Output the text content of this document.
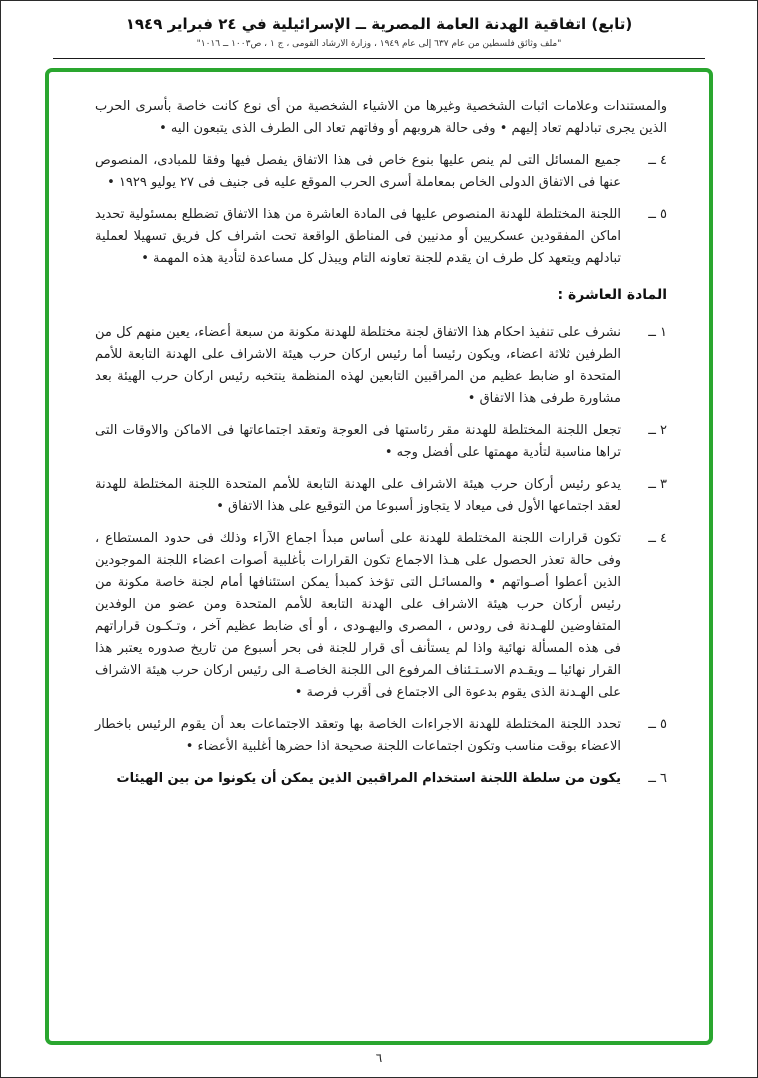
(تابع) اتفاقية الهدنة العامة المصرية ــ الإسرائيلية في ٢٤ فبراير ١٩٤٩
"ملف وثائق فلسطين من عام ٦٣٧ إلى عام ١٩٤٩ ، وزارة الارشاد القومى ، ج ١ ، ص١٠٠٣ ــ ١٠١٦"

والمستندات وعلامات اثبات الشخصية وغيرها من الاشياء الشخصية من أى نوع كانت خاصة بأسرى الحرب الذين يجرى تبادلهم تعاد إليهم • وفى حالة هروبهم أو وفاتهم تعاد الى الطرف الذى يتبعون اليه •

٤ ــ
جميع المسائل التى لم ينص عليها بنوع خاص فى هذا الاتفاق يفصل فيها وفقا للمبادى، المنصوص عنها فى الاتفاق الدولى الخاص بمعاملة أسرى الحرب الموقع عليه فى جنيف فى ٢٧ يوليو ١٩٢٩ •
٥ ــ
اللجنة المختلطة للهدنة المنصوص عليها فى المادة العاشرة من هذا الاتفاق تضطلع بمسئولية تحديد اماكن المفقودين عسكريين أو مدنيين فى المناطق الواقعة تحت اشراف كل فريق تسهيلا لعملية تبادلهم ويتعهد كل طرف ان يقدم للجنة تعاونه التام ويبذل كل مساعدة لتأدية هذه المهمة •
المادة العاشرة :
١ ــ
نشرف على تنفيذ احكام هذا الاتفاق لجنة مختلطة للهدنة مكونة من سبعة أعضاء، يعين منهم كل من الطرفين ثلاثة اعضاء، ويكون رئيسا أما رئيس اركان حرب هيئة الاشراف على الهدنة التابعة للأمم المتحدة او ضابط عظيم من المراقبين التابعين لهذه المنظمة ينتخبه رئيس اركان حرب الهيئة بعد مشاورة طرفى هذا الاتفاق •
٢ ــ
تجعل اللجنة المختلطة للهدنة مقر رئاستها فى العوجة وتعقد اجتماعاتها فى الاماكن والاوقات التى تراها مناسبة لتأدية مهمتها على أفضل وجه •
٣ ــ
يدعو رئيس أركان حرب هيئة الاشراف على الهدنة التابعة للأمم المتحدة اللجنة المختلطة للهدنة لعقد اجتماعها الأول فى ميعاد لا يتجاوز أسبوعا من التوقيع على هذا الاتفاق •
٤ ــ
تكون قرارات اللجنة المختلطة للهدنة على أساس مبدأ اجماع الآراء وذلك فى حدود المستطاع ، وفى حالة تعذر الحصول على هـذا الاجماع تكون القرارات بأغلبية أصوات اعضاء اللجنة الموجودين الذين أعطوا أصـواتهم • والمسائـل التى تؤخذ كمبدأ يمكن استئنافها أمام لجنة خاصة مكونة من رئيس أركان حرب هيئة الاشراف على الهدنة التابعة للأمم المتحدة ومن عضو من الوفدين المتفاوضين للهـدنة فى رودس ، المصرى واليهـودى ، أو أى ضابط عظيم آخر ، وتـكـون قراراتهم فى هذه المسألة نهائية واذا لم يستأنف أى قرار للجنة فى بحر أسبوع من تاريخ صدوره يعتبر هذا القرار نهائيا ــ ويقـدم الاسـتـئناف المرفوع الى اللجنة الخاصـة الى رئيس اركان حرب هيئة الاشراف على الهـدنة الذى يقوم بدعوة الى الاجتماع فى أقرب فرصة •
٥ ــ
تحدد اللجنة المختلطة للهدنة الاجراءات الخاصة بها وتعقد الاجتماعات بعد أن يقوم الرئيس باخطار الاعضاء بوقت مناسب وتكون اجتماعات اللجنة صحيحة اذا حضرها أغلبية الأعضاء •
٦ ــ
يكون من سلطة اللجنة استخدام المراقبين الذين يمكن أن يكونوا من بين الهيئات
٦
